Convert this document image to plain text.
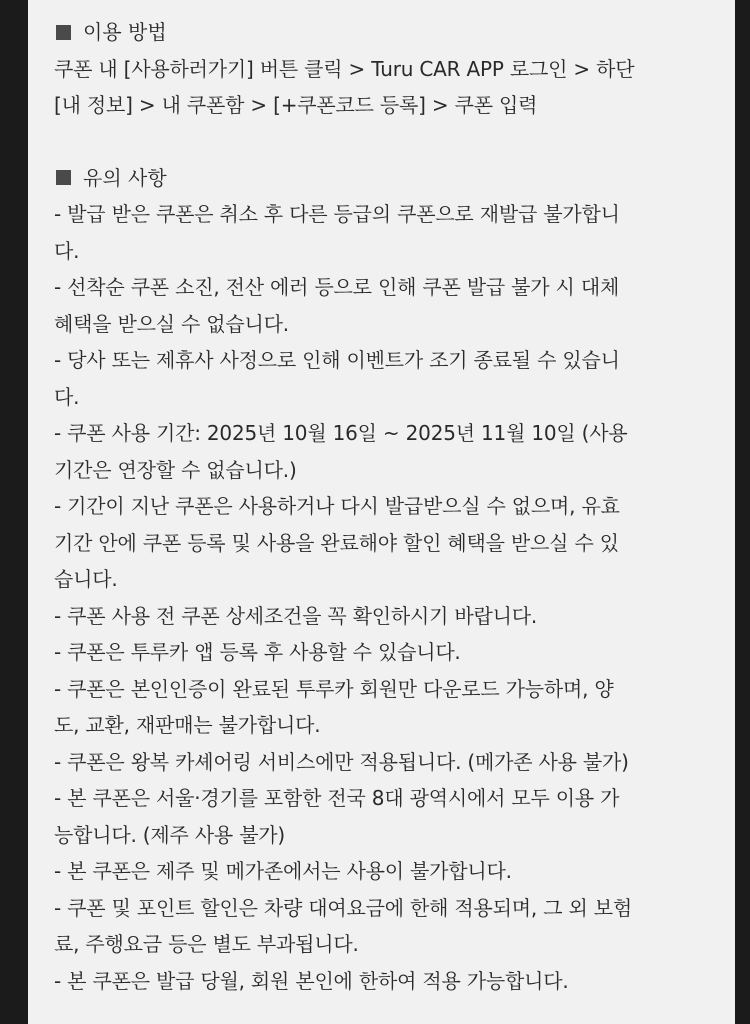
이용 방법
쿠폰 내 [사용하러가기] 버튼 클릭 > Turu CAR APP 로그인 > 하단
[내 정보] > 내 쿠폰함 > [+쿠폰코드 등록] > 쿠폰 입력
유의 사항
- 발급 받은 쿠폰은 취소 후 다른 등급의 쿠폰으로 재발급 불가합니
다.
- 선착순 쿠폰 소진, 전산 에러 등으로 인해 쿠폰 발급 불가 시 대체
혜택을 받으실 수 없습니다.
- 당사 또는 제휴사 사정으로 인해 이벤트가 조기 종료될 수 있습니
다.
- 쿠폰 사용 기간: 2025년 10월 16일 ~ 2025년 11월 10일 (사용
기간은 연장할 수 없습니다.)
- 기간이 지난 쿠폰은 사용하거나 다시 발급받으실 수 없으며, 유효
기간 안에 쿠폰 등록 및 사용을 완료해야 할인 혜택을 받으실 수 있
습니다.
- 쿠폰 사용 전 쿠폰 상세조건을 꼭 확인하시기 바랍니다.
- 쿠폰은 투루카 앱 등록 후 사용할 수 있습니다.
- 쿠폰은 본인인증이 완료된 투루카 회원만 다운로드 가능하며, 양
도, 교환, 재판매는 불가합니다.
- 쿠폰은 왕복 카셰어링 서비스에만 적용됩니다. (메가존 사용 불가)
- 본 쿠폰은 서울·경기를 포함한 전국 8대 광역시에서 모두 이용 가
능합니다. (제주 사용 불가)
- 본 쿠폰은 제주 및 메가존에서는 사용이 불가합니다.
- 쿠폰 및 포인트 할인은 차량 대여요금에 한해 적용되며, 그 외 보험
료, 주행요금 등은 별도 부과됩니다.
- 본 쿠폰은 발급 당월, 회원 본인에 한하여 적용 가능합니다.
